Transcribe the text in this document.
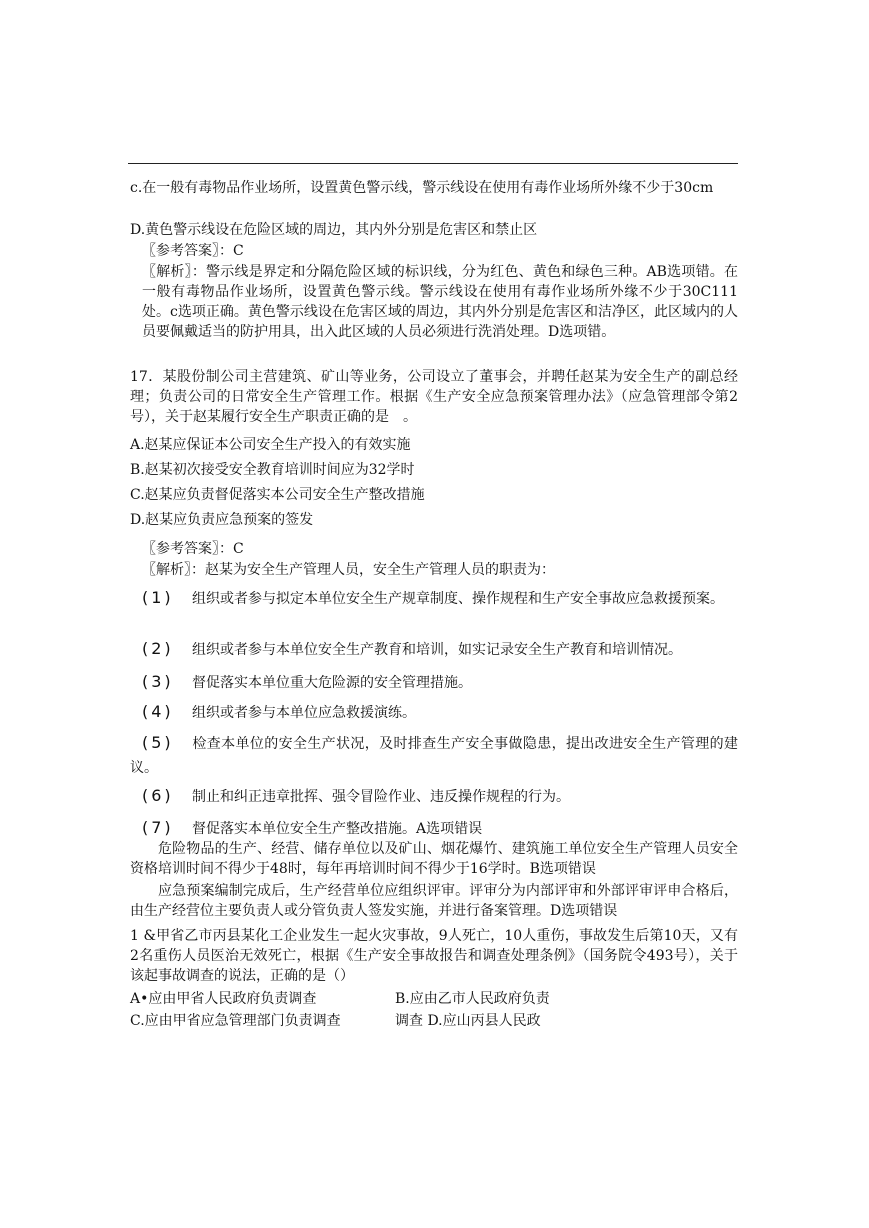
c.在一般有毒物品作业场所，设置黄色警示线，警示线设在使用有毒作业场所外缘不少于30cm
D.黄色警示线设在危险区域的周边，其内外分别是危害区和禁止区
〖参考答案〗：C
〖解析〗：警示线是界定和分隔危险区域的标识线，分为红色、黄色和绿色三种。AB选项错。在一般有毒物品作业场所，设置黄色警示线。警示线设在使用有毒作业场所外缘不少于30C111处。c选项正确。黄色警示线设在危害区域的周边，其内外分别是危害区和洁净区，此区域内的人员要佩戴适当的防护用具，出入此区域的人员必须进行洗消处理。D选项错。
17．某股份制公司主营建筑、矿山等业务，公司设立了董事会，并聘任赵某为安全生产的副总经理；负责公司的日常安全生产管理工作。根据《生产安全应急预案管理办法》（应急管理部令第2号），关于赵某履行安全生产职责正确的是　。
A.赵某应保证本公司安全生产投入的有效实施
B.赵某初次接受安全教育培训时间应为32学时
C.赵某应负责督促落实本公司安全生产整改措施
D.赵某应负责应急预案的签发
〖参考答案〗：C
〖解析〗：赵某为安全生产管理人员，安全生产管理人员的职责为：
(1) 组织或者参与拟定本单位安全生产规章制度、操作规程和生产安全事故应急救援预案。
(2) 组织或者参与本单位安全生产教育和培训，如实记录安全生产教育和培训情况。
(3) 督促落实本单位重大危险源的安全管理措施。
(4) 组织或者参与本单位应急救援演练。
(5) 检查本单位的安全生产状况，及时排查生产安全事做隐患，提出改进安全生产管理的建议。
(6) 制止和纠正违章批挥、强令冒险作业、违反操作规程的行为。
(7) 督促落实本单位安全生产整改措施。A选项错误
危险物品的生产、经营、储存单位以及矿山、烟花爆竹、建筑施工单位安全生产管理人员安全资格培训时间不得少于48时，每年再培训时间不得少于16学时。B选项错误
应急预案编制完成后，生产经营单位应组织评审。评审分为内部评审和外部评审评申合格后，由生产经营位主要负责人或分管负责人签发实施，并进行备案管理。D选项错误
1 &甲省乙市丙县某化工企业发生一起火灾事故，9人死亡，10人重伤，事故发生后第10天，又有2名重伤人员医治无效死亡，根据《生产安全事故报告和调查处理条例》（国务院令493号），关于该起事故调查的说法，正确的是（）
A•应由甲省人民政府负责调查	B.应由乙市人民政府负责
C.应由甲省应急管理部门负责调查	调查 D.应山丙县人民政
